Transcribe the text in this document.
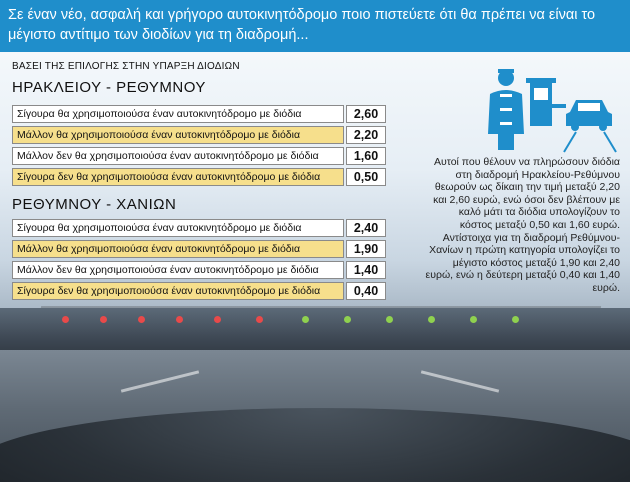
Σε έναν νέο, ασφαλή και γρήγορο αυτοκινητόδρομο ποιο πιστεύετε ότι θα πρέπει να είναι το μέγιστο αντίτιμο των διοδίων για τη διαδρομή...
ΒΑΣΕΙ ΤΗΣ ΕΠΙΛΟΓΗΣ ΣΤΗΝ ΥΠΑΡΞΗ ΔΙΟΔΙΩΝ
ΗΡΑΚΛΕΙΟΥ - ΡΕΘΥΜΝΟΥ
Σίγουρα θα χρησιμοποιούσα έναν αυτοκινητόδρομο με διόδια	2,60
Μάλλον θα χρησιμοποιούσα έναν αυτοκινητόδρομο με διόδια	2,20
Μάλλον δεν θα χρησιμοποιούσα έναν αυτοκινητόδρομο με διόδια	1,60
Σίγουρα δεν θα χρησιμοποιούσα έναν αυτοκινητόδρομο με διόδια	0,50
ΡΕΘΥΜΝΟΥ - ΧΑΝΙΩΝ
Σίγουρα θα χρησιμοποιούσα έναν αυτοκινητόδρομο με διόδια	2,40
Μάλλον θα χρησιμοποιούσα έναν αυτοκινητόδρομο με διόδια	1,90
Μάλλον δεν θα χρησιμοποιούσα έναν αυτοκινητόδρομο με διόδια	1,40
Σίγουρα δεν θα χρησιμοποιούσα έναν αυτοκινητόδρομο με διόδια	0,40
Αυτοί που θέλουν να πληρώσουν διόδια στη διαδρομή Ηρακλείου-Ρεθύμνου θεωρούν ως δίκαιη την τιμή μεταξύ 2,20 και 2,60 ευρώ, ενώ όσοι δεν βλέπουν με καλό μάτι τα διόδια υπολογίζουν το κόστος μεταξύ 0,50 και 1,60 ευρώ. Αντίστοιχα για τη διαδρομή Ρεθύμνου-Χανίων η πρώτη κατηγορία υπολογίζει το μέγιστο κόστος μεταξύ 1,90 και 2,40 ευρώ, ενώ η δεύτερη μεταξύ 0,40 και 1,40 ευρώ.
